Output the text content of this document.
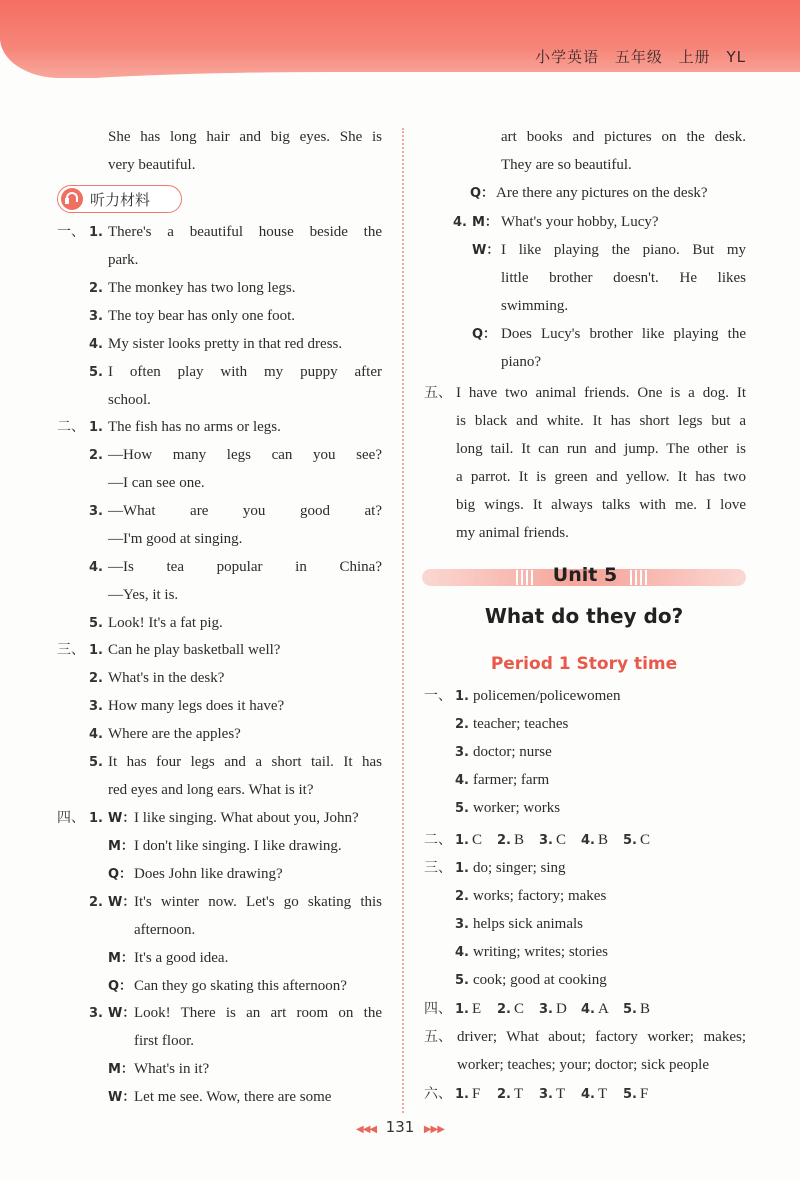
小学英语 五年级 上册 YL
听力材料
She has long hair and big eyes. She is
very beautiful.
一、 1. There's a beautiful house beside the
park.
2. The monkey has two long legs.
3. The toy bear has only one foot.
4. My sister looks pretty in that red dress.
5. I often play with my puppy after
school.
二、 1. The fish has no arms or legs.
2. —How many legs can you see?
—I can see one.
3. —What are you good at?
—I'm good at singing.
4. —Is tea popular in China?
—Yes, it is.
5. Look! It's a fat pig.
三、 1. Can he play basketball well?
2. What's in the desk?
3. How many legs does it have?
4. Where are the apples?
5. It has four legs and a short tail. It has
red eyes and long ears. What is it?
四、 1. W：
I like singing. What about you, John?
M： I don't like singing. I like drawing.
Q： Does John like drawing?
2. W：
It's winter now. Let's go skating this
afternoon.
M： It's a good idea.
Q： Can they go skating this afternoon?
3. W：
Look! There is an art room on the
first floor.
M： What's in it?
W：
Let me see. Wow, there are some
art books and pictures on the desk.
They are so beautiful.
Q： Are there any pictures on the desk?
4. M： What's your hobby, Lucy?
W： I like playing the piano. But my
little brother doesn't. He likes
swimming.
Q： Does Lucy's brother like playing the
piano?
五、 I have two animal friends. One is a dog. It
is black and white. It has short legs but a
long tail. It can run and jump. The other is
a parrot. It is green and yellow. It has two
big wings. It always talks with me. I love
my animal friends.
一、 1. policemen/policewomen
2. teacher; teaches
3. doctor; nurse
4. farmer; farm
5. worker; works
二、 1. C 2. B 3. C 4. B 5. C
三、 1. do; singer; sing
2. works; factory; makes
3. helps sick animals
4. writing; writes; stories
5. cook; good at cooking
四、 1. E 2. C 3. D 4. A 5. B
五、 driver; What about; factory worker; makes;
worker; teaches; your; doctor; sick people
六、 1. F 2. T 3. T 4. T 5. F
Unit 5
What do they do?
Period 1 Story time
◀◀◀ 131 ▶▶▶
